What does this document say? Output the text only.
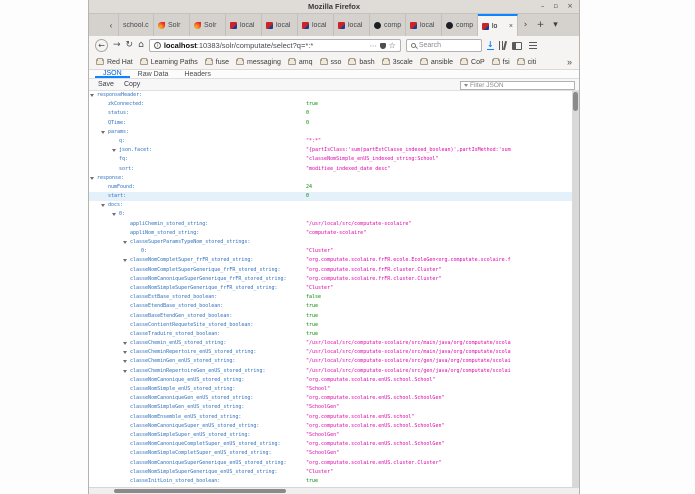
Mozilla Firefox	– ▫ ×
‹	school.c	Solr	Solr	local	local	local	local	comp	local	comp	lo	×	›	+ ▾
← → ↻ ⌂	i localhost:10383/solr/computate/select?q=*:*	⋯ ☆	Search	↓
Red Hat	Learning Paths	fuse	messaging	amq	sso	bash	3scale	ansible	CoP	fsi	citi	»
JSON	Raw Data	Headers
Save	Copy
Filter JSON
responseHeader:
zkConnected:	true
status:	0
QTime:	0
params:
q:	"*:*"
json.facet:	"{partIsClass:'sum(partEstClasse_indexed_boolean)',partIsMethod:'sum
fq:	"classeNomSimple_enUS_indexed_string:School"
sort:	"modifiee_indexed_date desc"
response:
numFound:	24
start:	0
docs:
0:
appliChemin_stored_string:	"/usr/local/src/computate-scolaire"
appliNom_stored_string:	"computate-scolaire"
classeSuperParamsTypeNom_stored_strings:
0:	"Cluster"
classeNomCompletSuper_frFR_stored_string:	"org.computate.scolaire.frFR.ecole.EcoleGen<org.computate.scolaire.f
classeNomCompletSuperGenerique_frFR_stored_string:	"org.computate.scolaire.frFR.cluster.Cluster"
classeNomCanoniqueSuperGenerique_frFR_stored_string:	"org.computate.scolaire.frFR.cluster.Cluster"
classeNomSimpleSuperGenerique_frFR_stored_string:	"Cluster"
classeEstBase_stored_boolean:	false
classeEtendBase_stored_boolean:	true
classeBaseEtendGen_stored_boolean:	true
classeContientRequeteSite_stored_boolean:	true
classeTraduire_stored_boolean:	true
classeChemin_enUS_stored_string:	"/usr/local/src/computate-scolaire/src/main/java/org/computate/scola
classeCheminRepertoire_enUS_stored_string:	"/usr/local/src/computate-scolaire/src/main/java/org/computate/scola
classeCheminGen_enUS_stored_string:	"/usr/local/src/computate-scolaire/src/gen/java/org/computate/scolai
classeCheminRepertoireGen_enUS_stored_string:	"/usr/local/src/computate-scolaire/src/gen/java/org/computate/scolai
classeNomCanonique_enUS_stored_string:	"org.computate.scolaire.enUS.school.School"
classeNomSimple_enUS_stored_string:	"School"
classeNomCanoniqueGen_enUS_stored_string:	"org.computate.scolaire.enUS.school.SchoolGen"
classeNomSimpleGen_enUS_stored_string:	"SchoolGen"
classeNomEnsemble_enUS_stored_string:	"org.computate.scolaire.enUS.school"
classeNomCanoniqueSuper_enUS_stored_string:	"org.computate.scolaire.enUS.school.SchoolGen"
classeNomSimpleSuper_enUS_stored_string:	"SchoolGen"
classeNomCanoniqueCompletSuper_enUS_stored_string:	"org.computate.scolaire.enUS.school.SchoolGen"
classeNomSimpleCompletSuper_enUS_stored_string:	"SchoolGen"
classeNomCanoniqueSuperGenerique_enUS_stored_string:	"org.computate.scolaire.enUS.cluster.Cluster"
classeNomSimpleSuperGenerique_enUS_stored_string:	"Cluster"
classeInitLoin_stored_boolean:	true
